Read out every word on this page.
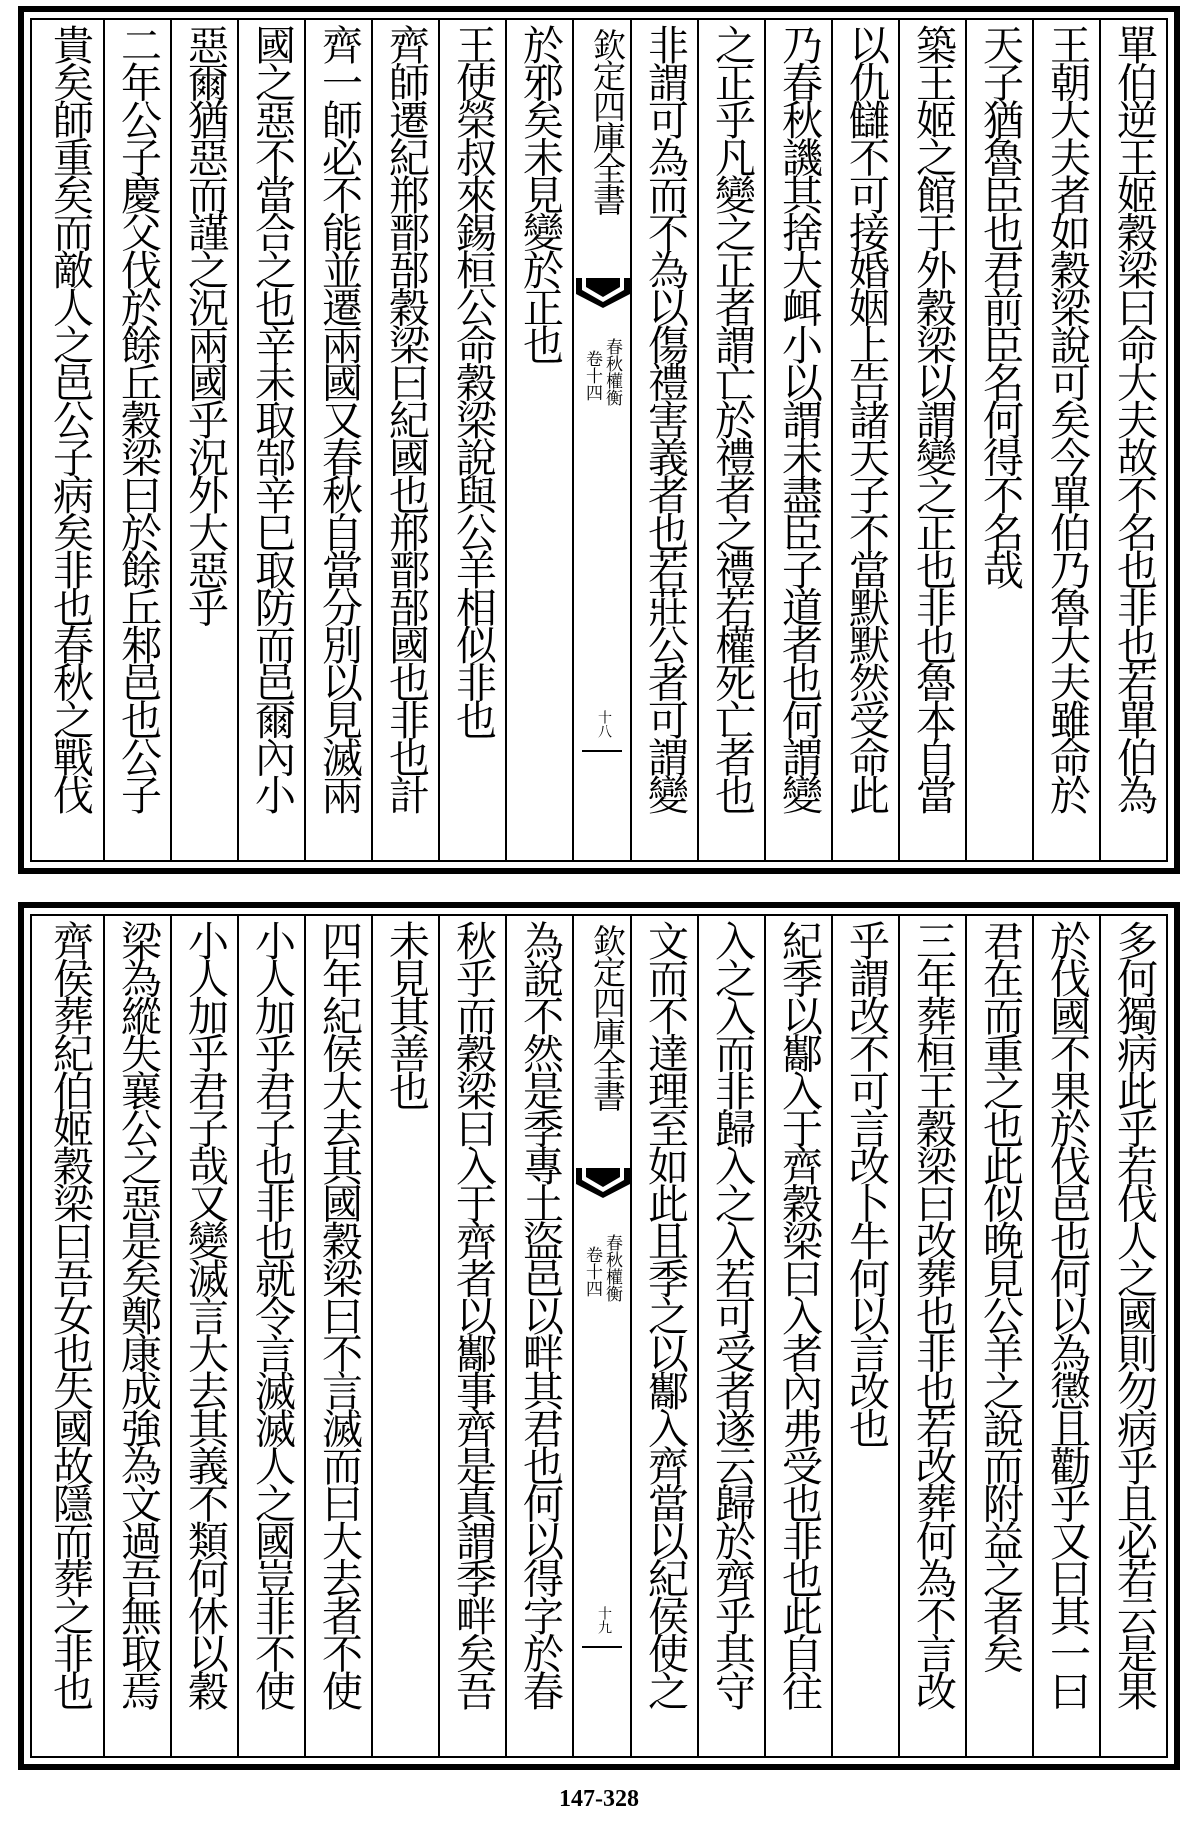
單伯逆王姬穀梁曰命大夫故不名也非也若單伯為
王朝大夫者如穀梁說可矣今單伯乃魯大夫雖命於
天子猶魯臣也君前臣名何得不名哉
築王姬之館于外穀梁以謂變之正也非也魯本自當
以仇讎不可接婚姻上告諸天子不當默默然受命此
乃春秋譏其捨大衈小以謂未盡臣子道者也何謂變
之正乎凡變之正者謂亡於禮者之禮若權死亡者也
非謂可為而不為以傷禮害義者也若莊公者可謂變
欽定四庫全書
春秋權衡
卷十四
十八
於邪矣未見變於正也
王使榮叔來錫桓公命穀梁說與公羊相似非也
齊師遷紀郱鄑郚穀梁曰紀國也郱鄑郚國也非也計
齊一師必不能並遷兩國又春秋自當分別以見滅兩
國之惡不當合之也辛未取郜辛巳取防而邑爾內小
惡爾猶惡而謹之況兩國乎況外大惡乎
二年公子慶父伐於餘丘穀梁曰於餘丘邾邑也公子
貴矣師重矣而敵人之邑公子病矣非也春秋之戰伐
多何獨病此乎若伐人之國則勿病乎且必若云是果
於伐國不果於伐邑也何以為懲且勸乎又曰其一曰
君在而重之也此似晚見公羊之說而附益之者矣
三年葬桓王穀梁曰改葬也非也若改葬何為不言改
乎謂改不可言改卜牛何以言改也
紀季以酅入于齊穀梁曰入者內弗受也非也此自往
入之入而非歸入之入若可受者遂云歸於齊乎其守
文而不達理至如此且季之以酅入齊當以紀侯使之
欽定四庫全書
春秋權衡
卷十四
十九
為說不然是季專土盜邑以畔其君也何以得字於春
秋乎而穀梁曰入于齊者以酅事齊是真謂季畔矣吾
未見其善也
四年紀侯大去其國穀梁曰不言滅而曰大去者不使
小人加乎君子也非也就令言滅滅人之國豈非不使
小人加乎君子哉又變滅言大去其義不類何休以穀
梁為縱失襄公之惡是矣鄭康成強為文過吾無取焉
齊侯葬紀伯姬穀梁曰吾女也失國故隱而葬之非也
147-328
